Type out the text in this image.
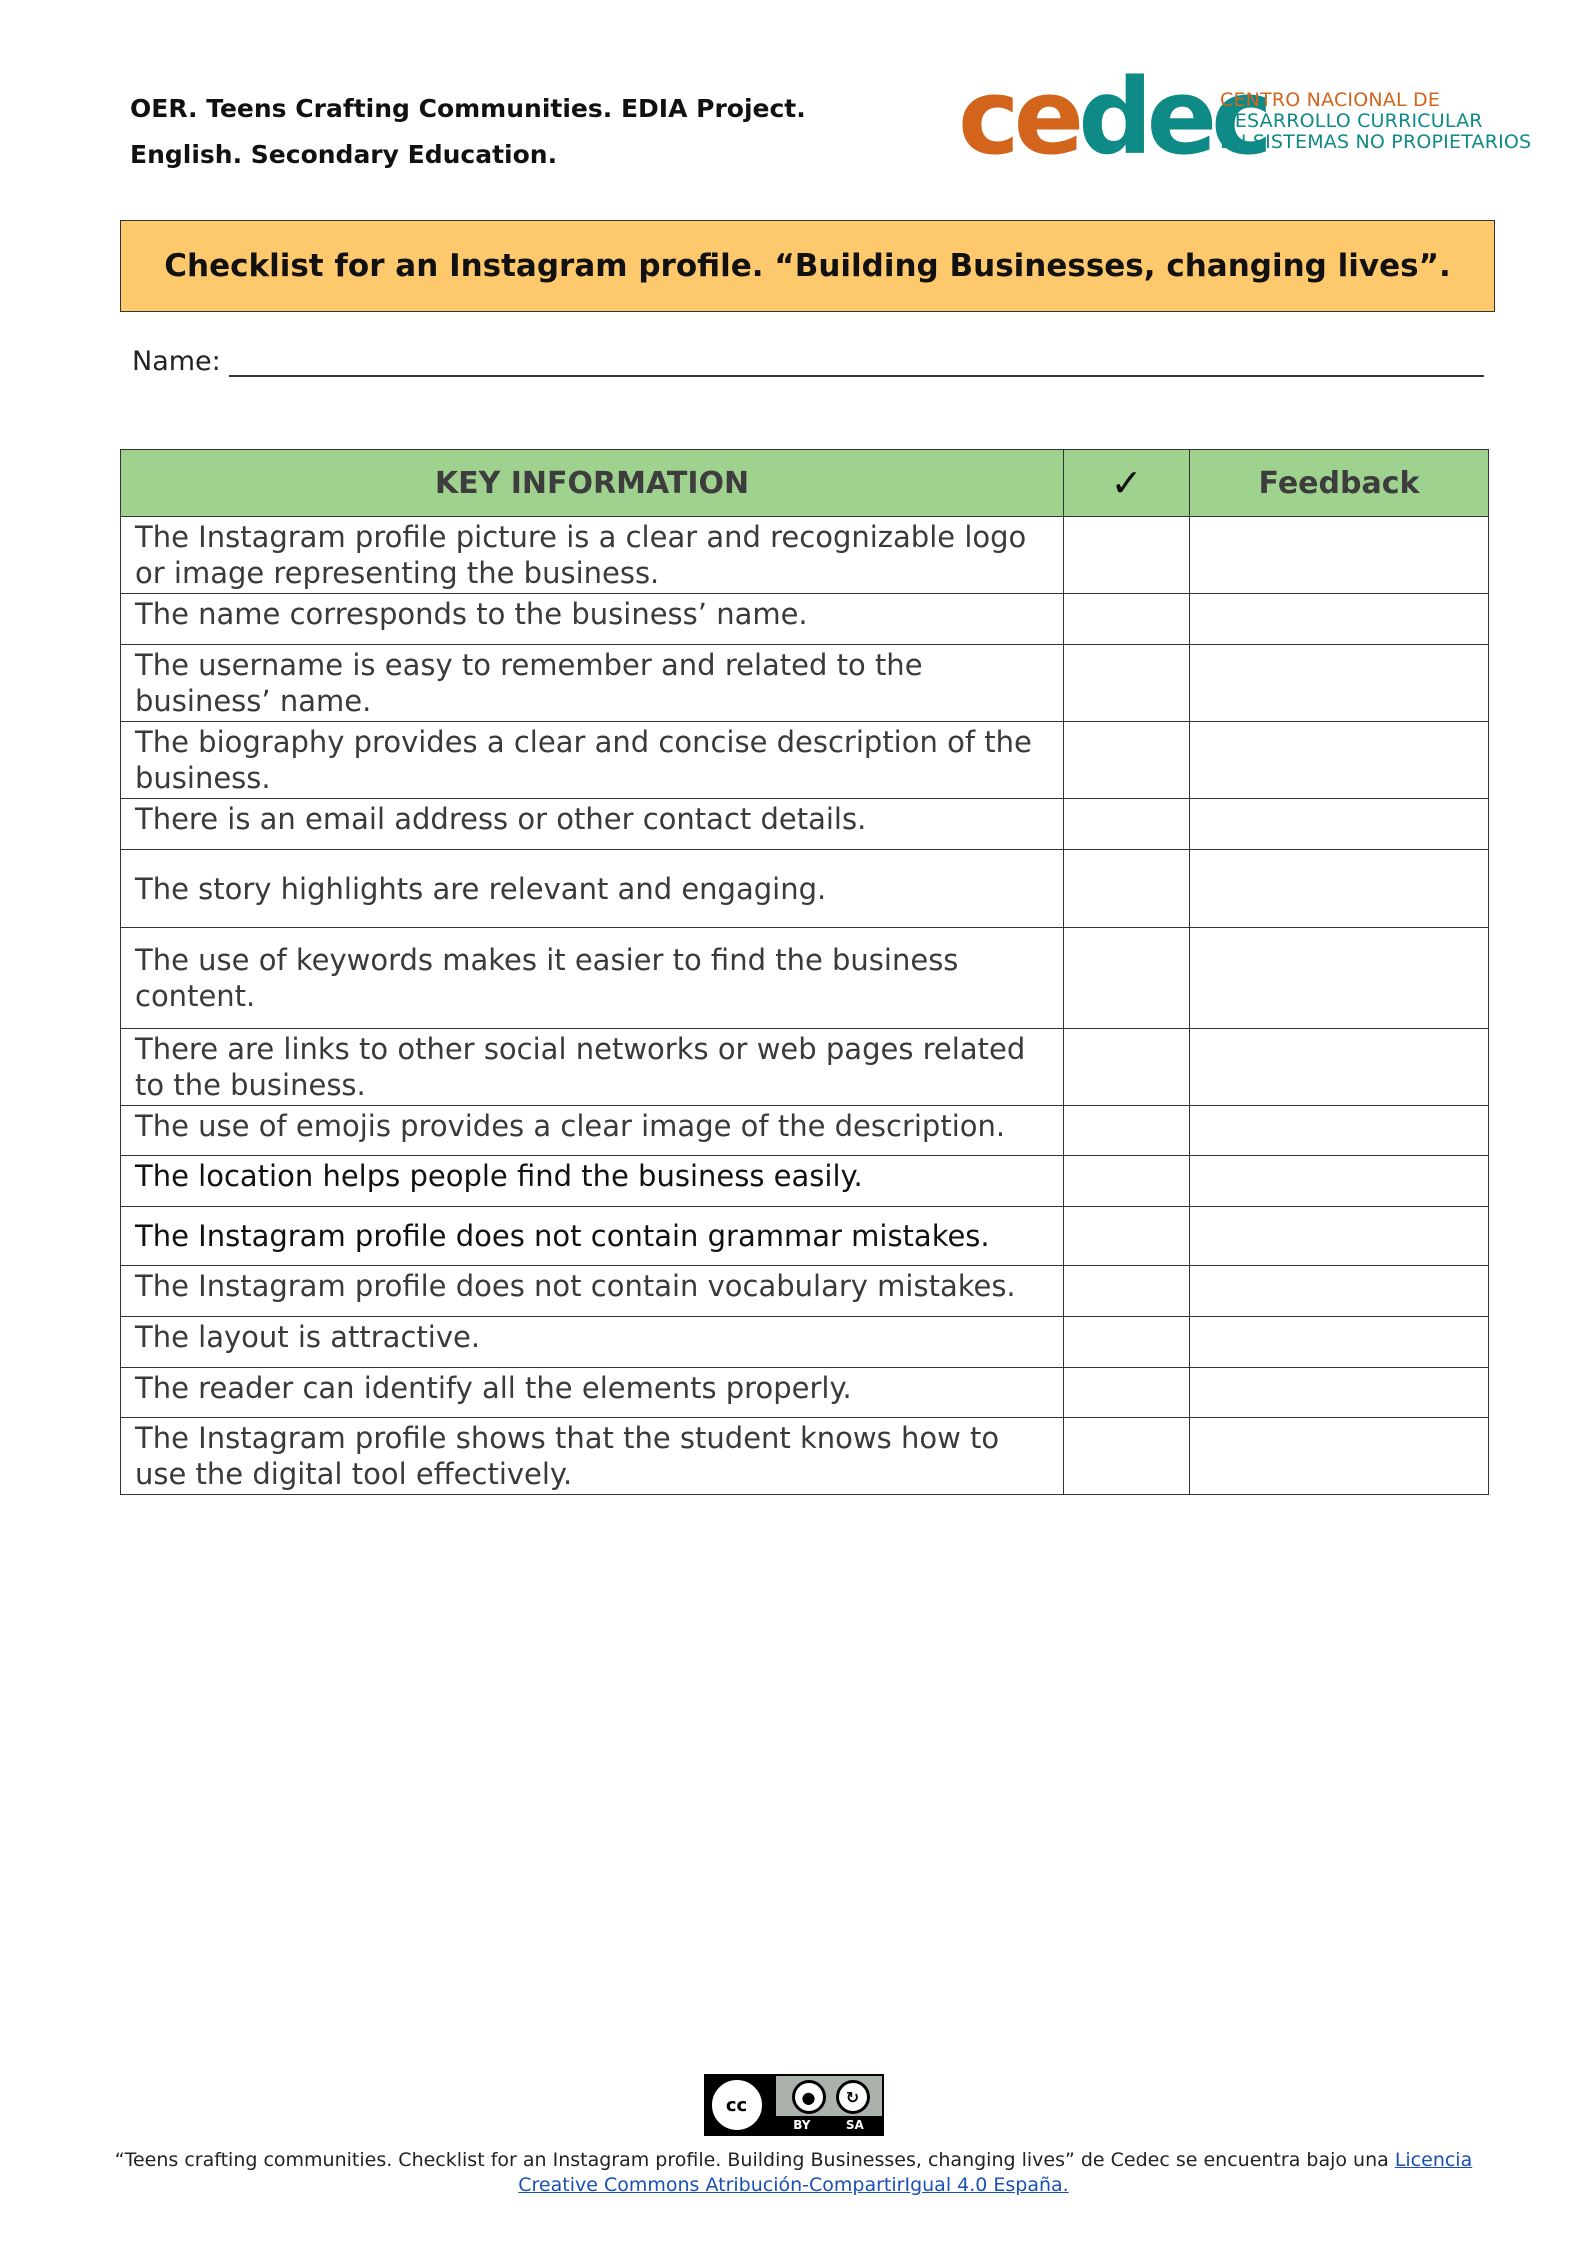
OER. Teens Crafting Communities. EDIA Project.
English. Secondary Education.	cedec
CENTRO NACIONAL DE
DESARROLLO CURRICULAR
EN SISTEMAS NO PROPIETARIOS
Checklist for an Instagram profile. “Building Businesses, changing lives”.
Name:
KEY INFORMATION	✓	Feedback
The Instagram profile picture is a clear and recognizable logo or image representing the business.		
The name corresponds to the business’ name.		
The username is easy to remember and related to the business’ name.		
The biography provides a clear and concise description of the business.		
There is an email address or other contact details.		
The story highlights are relevant and engaging.		
The use of keywords makes it easier to find the business content.		
There are links to other social networks or web pages related to the business.		
The use of emojis provides a clear image of the description.		
The location helps people find the business easily.		
The Instagram profile does not contain grammar mistakes.		
The Instagram profile does not contain vocabulary mistakes.		
The layout is attractive.		
The reader can identify all the elements properly.		
The Instagram profile shows that the student knows how to use the digital tool effectively.		
cc	●	↻
BY	SA
“Teens crafting communities. Checklist for an Instagram profile. Building Businesses, changing lives” de Cedec se encuentra bajo una Licencia
Creative Commons Atribución-CompartirIgual 4.0 España.
